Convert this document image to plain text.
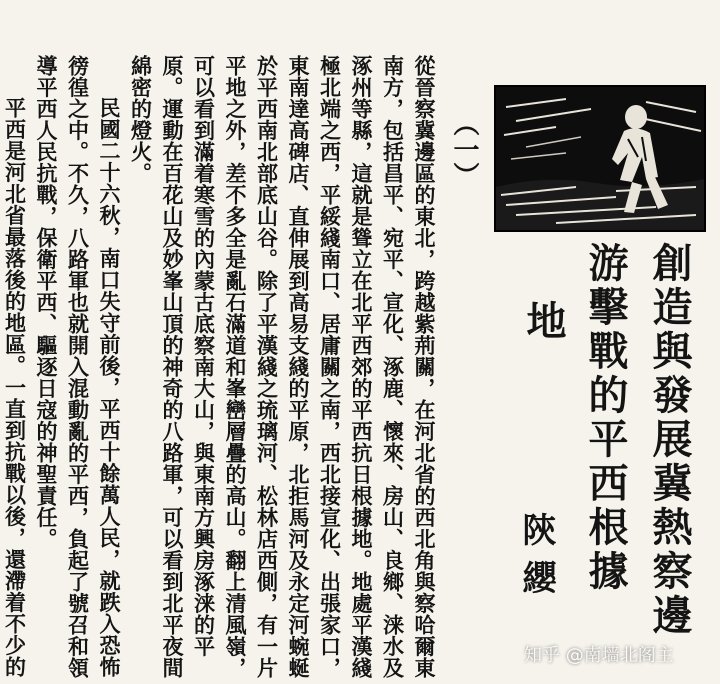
創造與發展冀熱察邊
游擊戰的平西根據
地
陝纓
（一）

從晉察冀邊區的東北，跨越紫荊關，在河北省的西北角與察哈爾東南方，包括昌平、宛平、宣化、涿鹿、懷來、房山、良鄉、涞水及涿州等縣，這就是聳立在北平西郊的平西抗日根據地。地處平漢綫極北端之西，平綏綫南口、居庸關之南，西北接宣化、出張家口，東南達高碑店、直伸展到高易支綫的平原，北拒馬河及永定河蜿蜒於平西南北部底山谷。除了平漢綫之琉璃河、松林店西側，有一片平地之外，差不多全是亂石滿道和峯巒層疊的高山。翻上清風嶺，可以看到滿着寒雪的內蒙古底察南大山，與東南方興房涿涞的平原。運動在百花山及妙峯山頂的神奇的八路軍，可以看到北平夜間綿密的燈火。

民國二十六秋，南口失守前後，平西十餘萬人民，就跌入恐怖徬徨之中。不久，八路軍也就開入混動亂的平西，負起了號召和領導平西人民抗戰，保衛平西、驅逐日寇的神聖責任。

平西是河北省最落後的地區。一直到抗戰以後，還滯着不少的

知乎 @南墙北阁主
